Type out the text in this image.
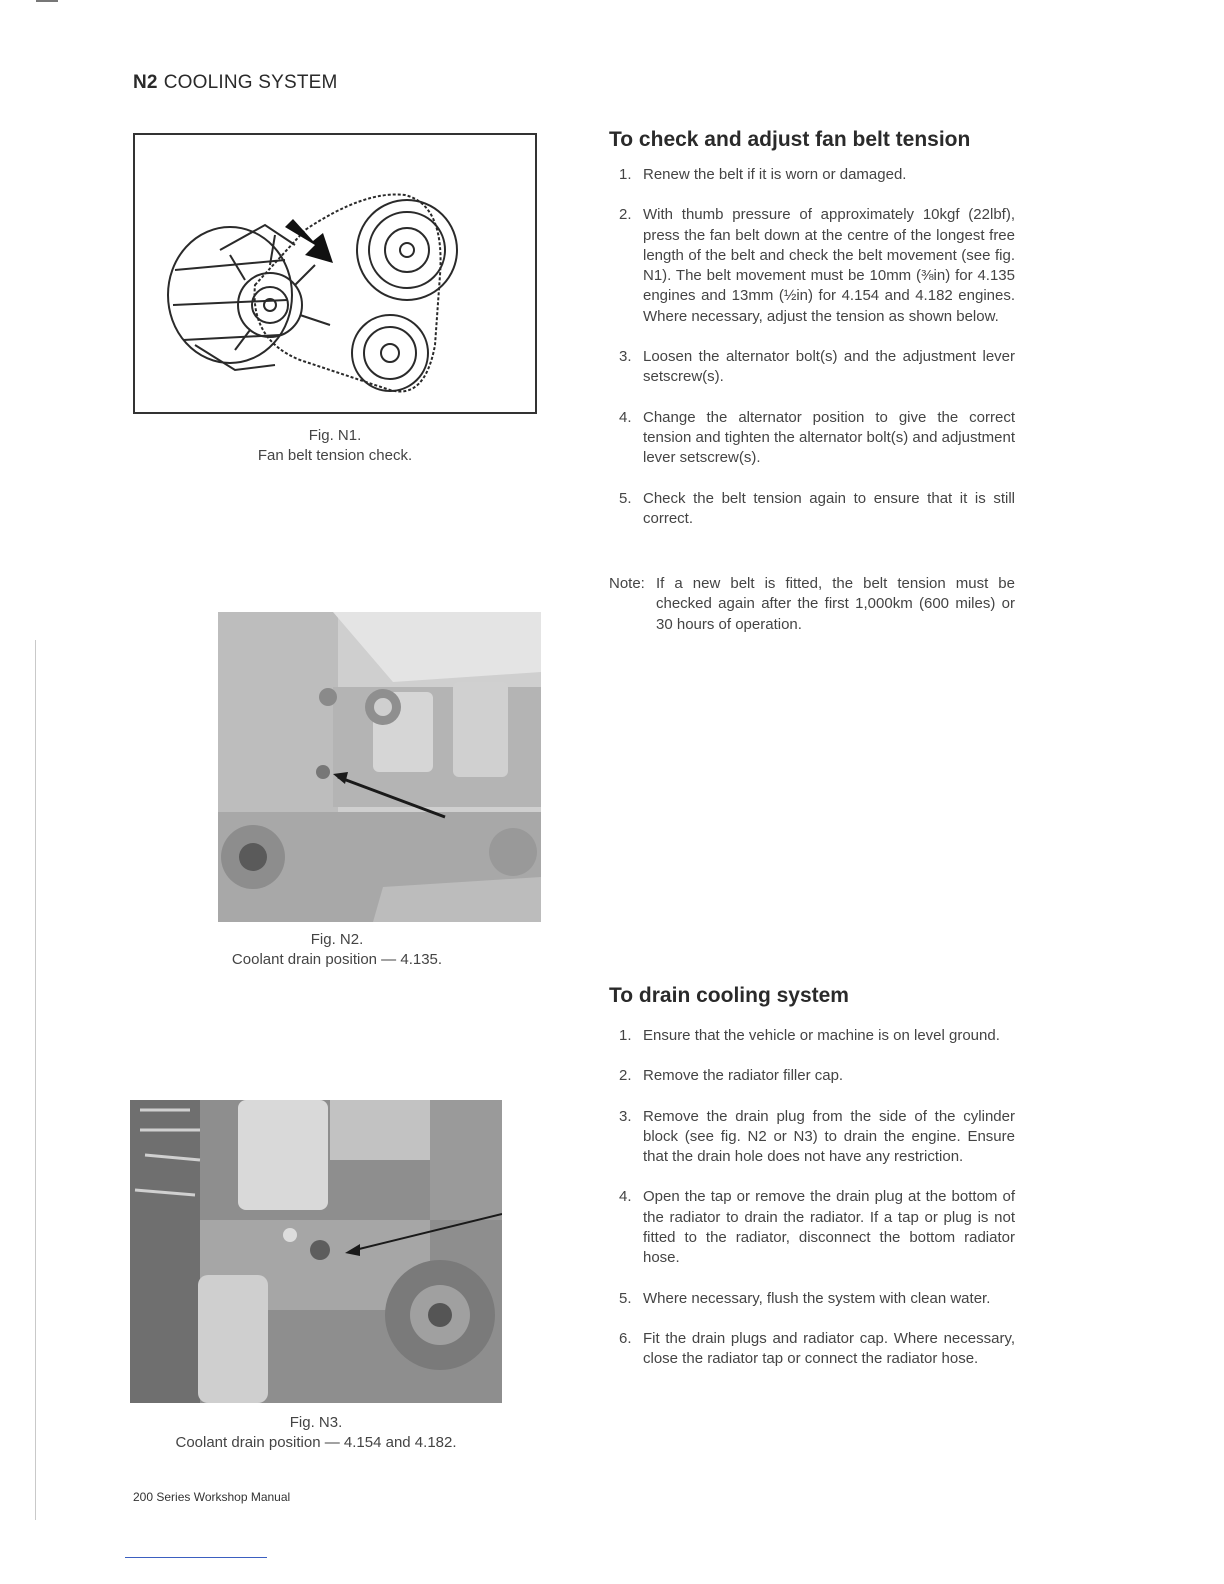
N2 COOLING SYSTEM
Fig. N1.
Fan belt tension check.
Fig. N2.
Coolant drain position — 4.135.
Fig. N3.
Coolant drain position — 4.154 and 4.182.
To check and adjust fan belt tension
1. Renew the belt if it is worn or damaged.
2. With thumb pressure of approximately 10kgf (22lbf), press the fan belt down at the centre of the longest free length of the belt and check the belt movement (see fig. N1). The belt movement must be 10mm (⅜in) for 4.135 engines and 13mm (½in) for 4.154 and 4.182 engines. Where necessary, adjust the tension as shown below.
3. Loosen the alternator bolt(s) and the adjustment lever setscrew(s).
4. Change the alternator position to give the correct tension and tighten the alternator bolt(s) and adjustment lever setscrew(s).
5. Check the belt tension again to ensure that it is still correct.
Note: If a new belt is fitted, the belt tension must be checked again after the first 1,000km (600 miles) or 30 hours of operation.
To drain cooling system
1. Ensure that the vehicle or machine is on level ground.
2. Remove the radiator filler cap.
3. Remove the drain plug from the side of the cylinder block (see fig. N2 or N3) to drain the engine. Ensure that the drain hole does not have any restriction.
4. Open the tap or remove the drain plug at the bottom of the radiator to drain the radiator. If a tap or plug is not fitted to the radiator, disconnect the bottom radiator hose.
5. Where necessary, flush the system with clean water.
6. Fit the drain plugs and radiator cap. Where necessary, close the radiator tap or connect the radiator hose.
200 Series Workshop Manual
